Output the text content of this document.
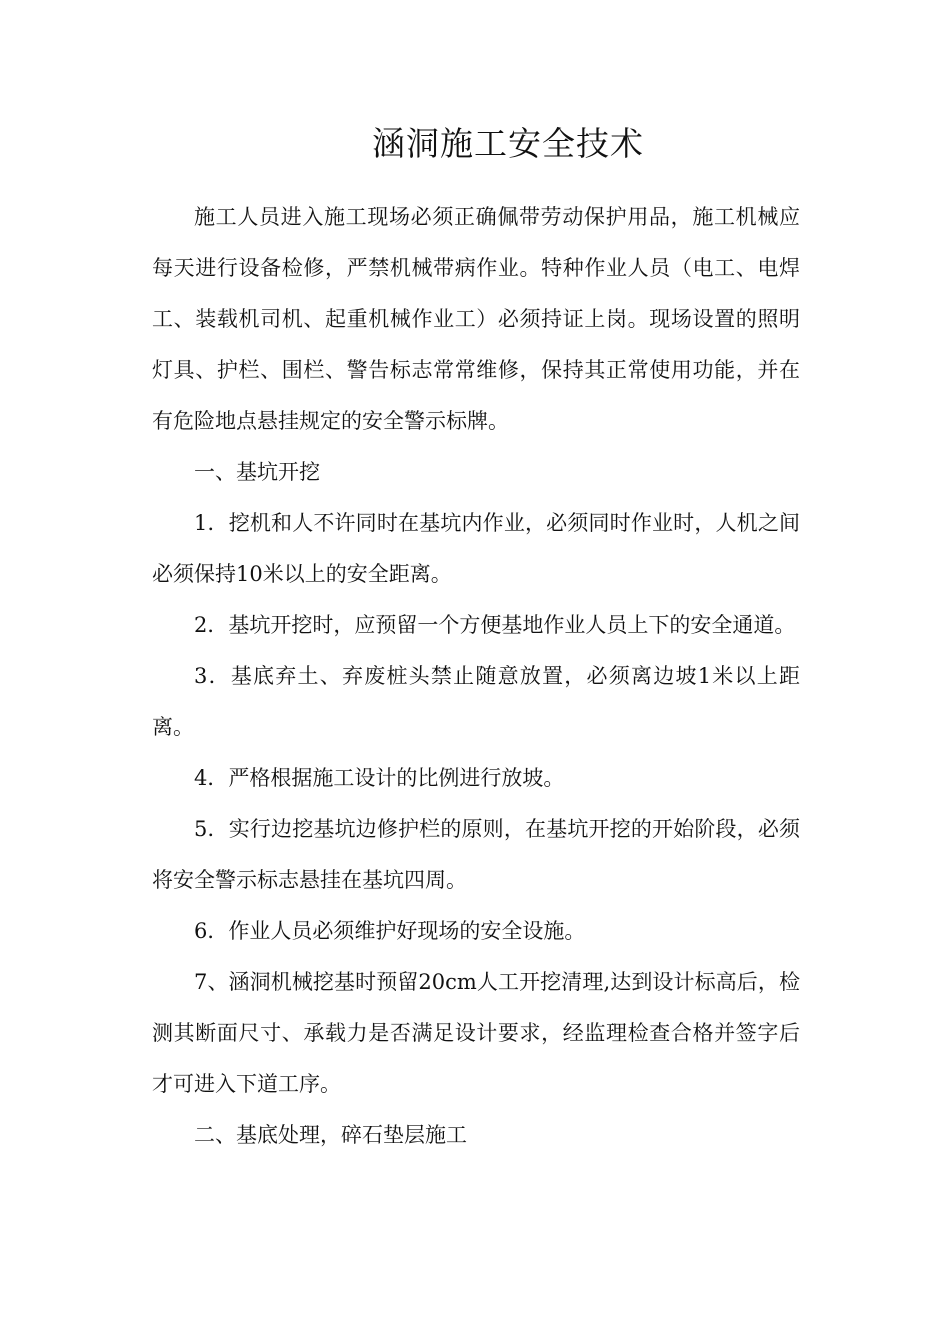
涵洞施工安全技术

施工人员进入施工现场必须正确佩带劳动保护用品，施工机械应每天进行设备检修，严禁机械带病作业。特种作业人员（电工、电焊工、装载机司机、起重机械作业工）必须持证上岗。现场设置的照明灯具、护栏、围栏、警告标志常常维修，保持其正常使用功能，并在有危险地点悬挂规定的安全警示标牌。

一、基坑开挖

1．挖机和人不许同时在基坑内作业，必须同时作业时，人机之间必须保持10米以上的安全距离。

2．基坑开挖时，应预留一个方便基地作业人员上下的安全通道。

3．基底弃土、弃废桩头禁止随意放置，必须离边坡1米以上距离。

4．严格根据施工设计的比例进行放坡。

5．实行边挖基坑边修护栏的原则，在基坑开挖的开始阶段，必须将安全警示标志悬挂在基坑四周。

6．作业人员必须维护好现场的安全设施。

7、涵洞机械挖基时预留20cm人工开挖清理,达到设计标高后，检测其断面尺寸、承载力是否满足设计要求，经监理检查合格并签字后才可进入下道工序。

二、基底处理，碎石垫层施工
